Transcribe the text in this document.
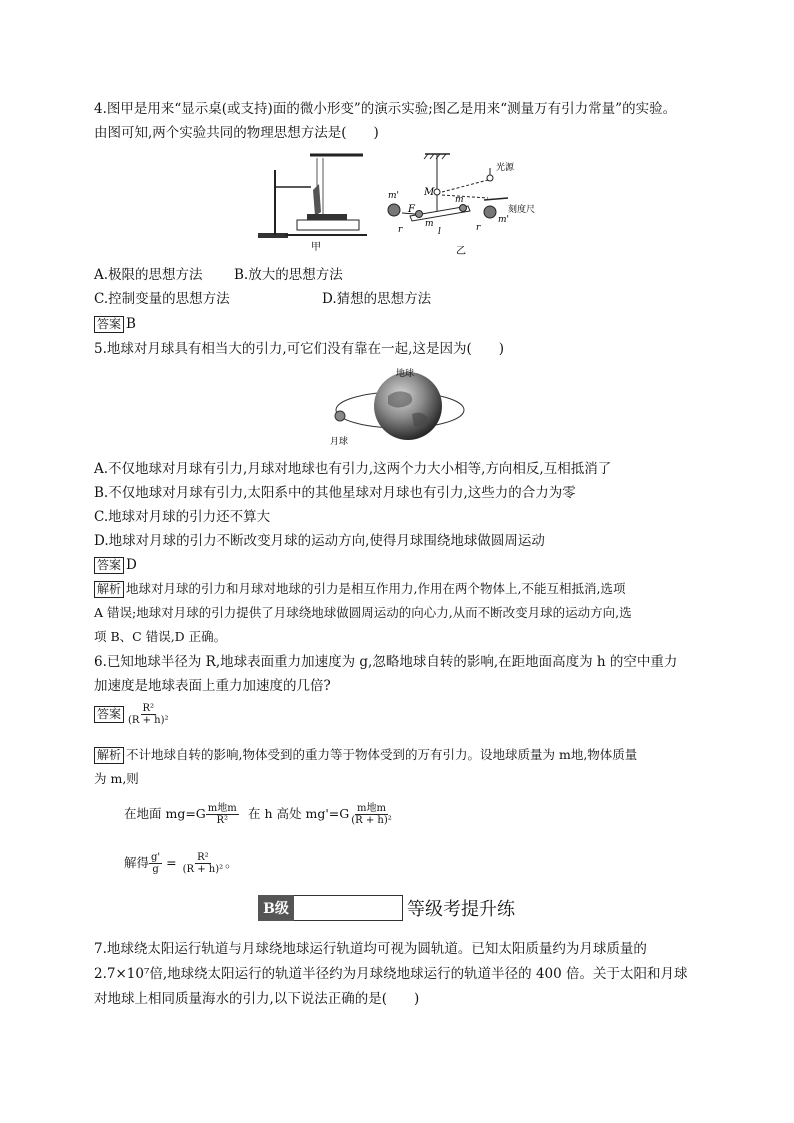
4.图甲是用来“显示桌(或支持)面的微小形变”的演示实验;图乙是用来“测量万有引力常量”的实验。
由图可知,两个实验共同的物理思想方法是(　　)
甲
M
光源
刻度尺
m'
F
m
m
m'
r	l	r
乙
A.极限的思想方法 B.放大的思想方法
C.控制变量的思想方法	D.猜想的思想方法
答案 B
5.地球对月球具有相当大的引力,可它们没有靠在一起,这是因为(　　)
地球
月球
A.不仅地球对月球有引力,月球对地球也有引力,这两个力大小相等,方向相反,互相抵消了
B.不仅地球对月球有引力,太阳系中的其他星球对月球也有引力,这些力的合力为零
C.地球对月球的引力还不算大
D.地球对月球的引力不断改变月球的运动方向,使得月球围绕地球做圆周运动
答案 D
解析 地球对月球的引力和月球对地球的引力是相互作用力,作用在两个物体上,不能互相抵消,选项
A 错误;地球对月球的引力提供了月球绕地球做圆周运动的向心力,从而不断改变月球的运动方向,选
项 B、C 错误,D 正确。
6.已知地球半径为 R,地球表面重力加速度为 g,忽略地球自转的影响,在距地面高度为 h 的空中重力
加速度是地球表面上重力加速度的几倍?
答案 $\frac{\text{R²}}{\text{(R + h)²}}$
解析 不计地球自转的影响,物体受到的重力等于物体受到的万有引力。设地球质量为 m地,物体质量
为 m,则
在地面 $mg=G \frac{\text{m地m}}{\text{R²}}$ 在 h 高处 $mg'=G \frac{\text{m地m}}{\text{(R + h)²}}$
解得 $\frac{g'}{g} = \frac{\text{R²}}{\text{(R + h)²}}$ 。
B级	等级考提升练
7.地球绕太阳运行轨道与月球绕地球运行轨道均可视为圆轨道。已知太阳质量约为月球质量的
2.7×10⁷倍,地球绕太阳运行的轨道半径约为月球绕地球运行的轨道半径的 400 倍。关于太阳和月球
对地球上相同质量海水的引力,以下说法正确的是(　　)
